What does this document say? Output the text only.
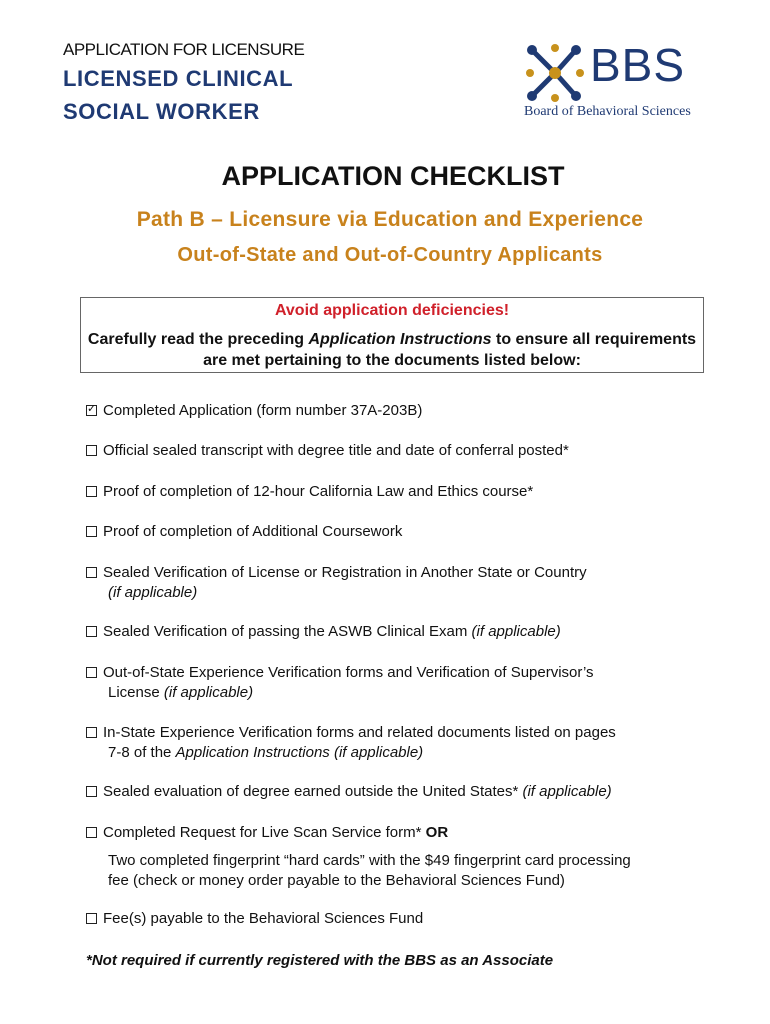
APPLICATION FOR LICENSURE
LICENSED CLINICAL
SOCIAL WORKER
BBS
Board of Behavioral Sciences
APPLICATION CHECKLIST
Path B – Licensure via Education and Experience
Out-of-State and Out-of-Country Applicants
Avoid application deficiencies!
Carefully read the preceding Application Instructions to ensure all requirements are met pertaining to the documents listed below:
✓Completed Application (form number 37A-203B)
Official sealed transcript with degree title and date of conferral posted*
Proof of completion of 12-hour California Law and Ethics course*
Proof of completion of Additional Coursework
Sealed Verification of License or Registration in Another State or Country
(if applicable)
Sealed Verification of passing the ASWB Clinical Exam (if applicable)
Out-of-State Experience Verification forms and Verification of Supervisor’s
License (if applicable)
In-State Experience Verification forms and related documents listed on pages
7-8 of the Application Instructions (if applicable)
Sealed evaluation of degree earned outside the United States* (if applicable)
Completed Request for Live Scan Service form* OR
Two completed fingerprint “hard cards” with the $49 fingerprint card processing
fee (check or money order payable to the Behavioral Sciences Fund)
Fee(s) payable to the Behavioral Sciences Fund
*Not required if currently registered with the BBS as an Associate
